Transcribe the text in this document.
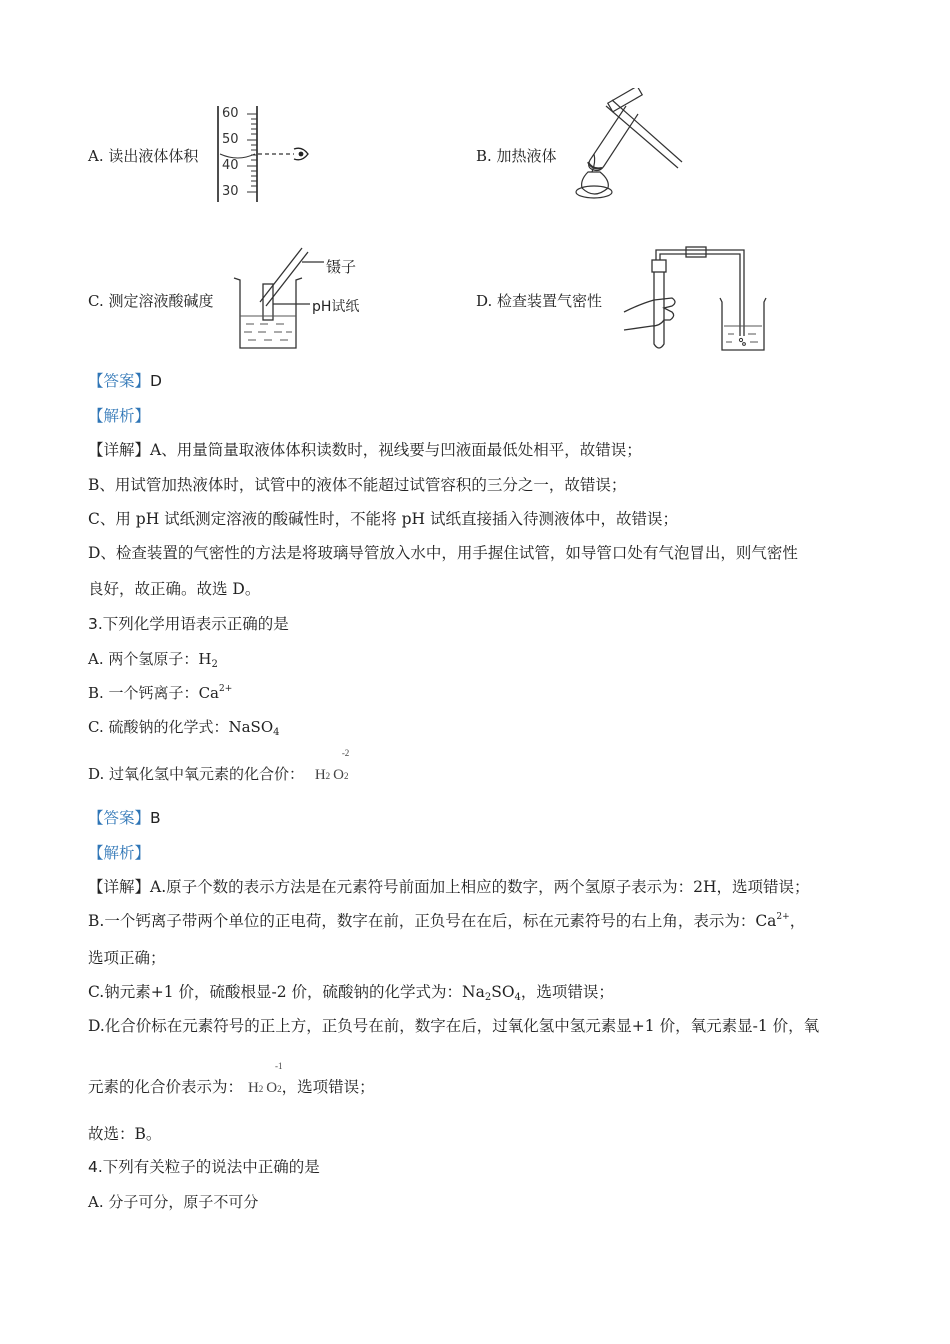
A. 读出液体体积
60
50
40
30
B. 加热液体
C. 测定溶液酸碱度
镊子
pH试纸	D. 检查装置气密性
【答案】D
【解析】
【详解】A、用量筒量取液体体积读数时，视线要与凹液面最低处相平，故错误；
B、用试管加热液体时，试管中的液体不能超过试管容积的三分之一，故错误；
C、用 pH 试纸测定溶液的酸碱性时，不能将 pH 试纸直接插入待测液体中，故错误；
D、检查装置的气密性的方法是将玻璃导管放入水中，用手握住试管，如导管口处有气泡冒出，则气密性
良好，故正确。故选 D。
3.下列化学用语表示正确的是
A. 两个氢原子：$H_2$
B. 一个钙离子：$Ca^{2+}$
C. 硫酸钠的化学式：NaSO$_4$
D. 过氧化氢中氧元素的化合价： H2 O2
-2
【答案】B
【解析】
【详解】A.原子个数的表示方法是在元素符号前面加上相应的数字，两个氢原子表示为：2H，选项错误；
B.一个钙离子带两个单位的正电荷，数字在前，正负号在在后，标在元素符号的右上角，表示为：$Ca^{2+}$，
选项正确；
C.钠元素+1 价，硫酸根显-2 价，硫酸钠的化学式为：$Na_2SO_4$，选项错误；
D.化合价标在元素符号的正上方，正负号在前，数字在后，过氧化氢中氢元素显+1 价，氧元素显-1 价，氧
元素的化合价表示为： H2 O2
-1
，选项错误；
故选：B。
4.下列有关粒子的说法中正确的是
A. 分子可分，原子不可分
